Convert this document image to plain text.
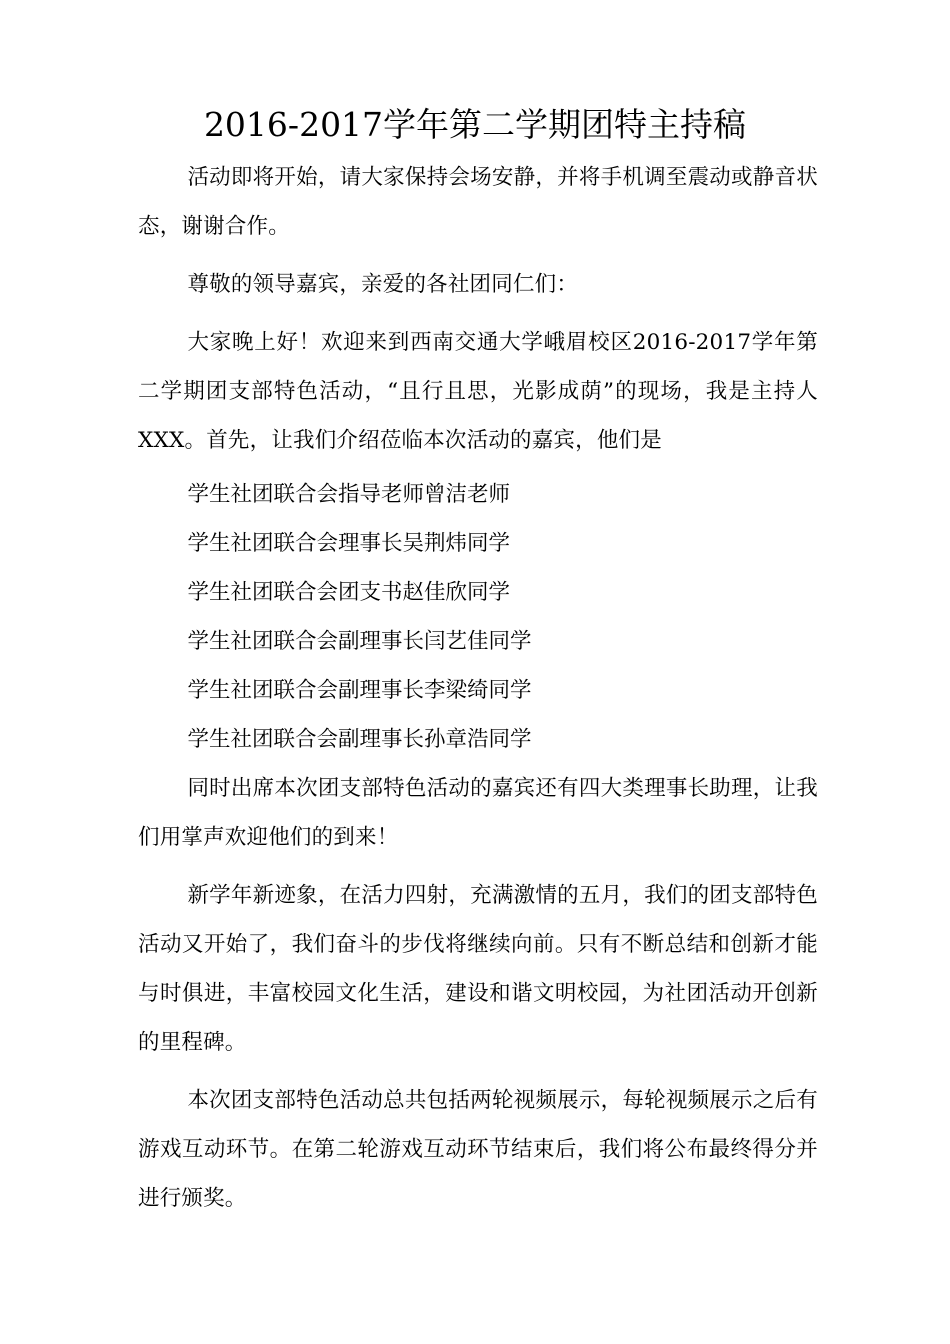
2016-2017学年第二学期团特主持稿

活动即将开始，请大家保持会场安静，并将手机调至震动或静音状态，谢谢合作。

尊敬的领导嘉宾，亲爱的各社团同仁们：

大家晚上好！欢迎来到西南交通大学峨眉校区2016-2017学年第二学期团支部特色活动，“且行且思，光影成荫”的现场，我是主持人XXX。首先，让我们介绍莅临本次活动的嘉宾，他们是

学生社团联合会指导老师曾洁老师

学生社团联合会理事长吴荆炜同学

学生社团联合会团支书赵佳欣同学

学生社团联合会副理事长闫艺佳同学

学生社团联合会副理事长李梁绮同学

学生社团联合会副理事长孙章浩同学

同时出席本次团支部特色活动的嘉宾还有四大类理事长助理，让我们用掌声欢迎他们的到来！

新学年新迹象，在活力四射，充满激情的五月，我们的团支部特色活动又开始了，我们奋斗的步伐将继续向前。只有不断总结和创新才能与时俱进，丰富校园文化生活，建设和谐文明校园，为社团活动开创新的里程碑。

本次团支部特色活动总共包括两轮视频展示，每轮视频展示之后有游戏互动环节。在第二轮游戏互动环节结束后，我们将公布最终得分并进行颁奖。
